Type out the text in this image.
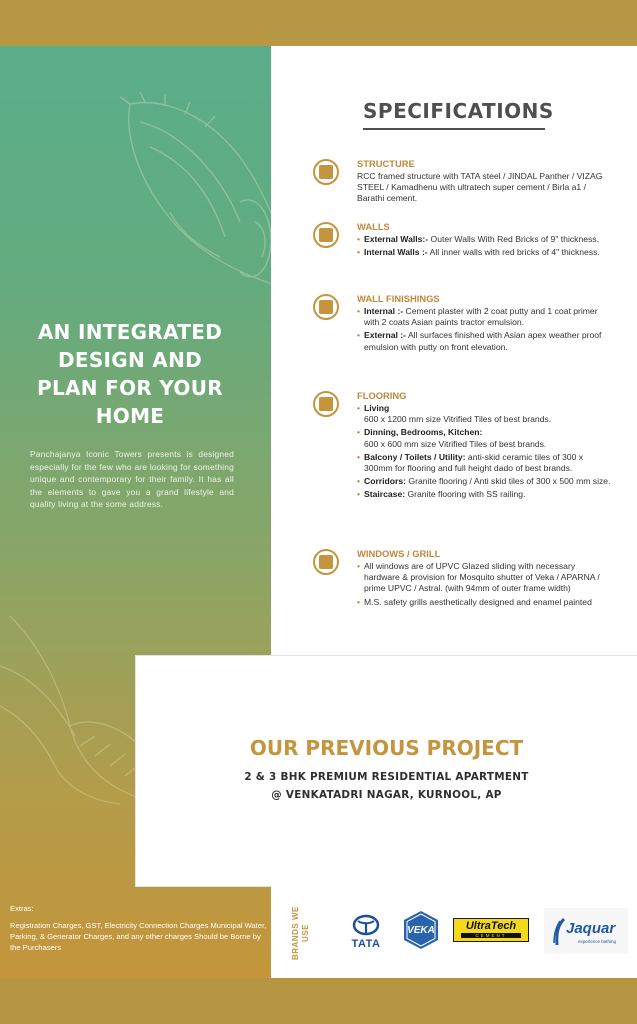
AN INTEGRATED
DESIGN AND
PLAN FOR YOUR
HOME

Panchajanya Iconic Towers presents is designed especially for the few who are looking for something unique and contemporary for their family. It has all the elements to gave you a grand lifestyle and quality living at the some address.

Extras:

Registration Charges, GST, Electricity Connection Charges Municipal Water, Parking, & Generator Charges, and any other charges Should be Borne by the Purchasers

SPECIFICATIONS

STRUCTURE

RCC framed structure with TATA steel / JINDAL Panther / VIZAG STEEL / Kamadhenu with ultratech super cement / Birla a1 / Barathi cement.

WALLS

• External Walls:- Outer Walls With Red Bricks of 9" thickness.

• Internal Walls :- All inner walls with red bricks of 4" thickness.

WALL FINISHINGS

• Internal :- Cement plaster with 2 coat putty and 1 coat primer with 2 coats Asian paints tractor emulsion.

• External :- All surfaces finished with Asian apex weather proof emulsion with putty on front elevation.

FLOORING

• Living
600 x 1200 mm size Vitrified Tiles of best brands.

• Dinning, Bedrooms, Kitchen:
600 x 600 mm size Vitrified Tiles of best brands.

• Balcony / Toilets / Utility: anti-skid ceramic tiles of 300 x 300mm for flooring and full height dado of best brands.

• Corridors: Granite flooring / Anti skid tiles of 300 x 500 mm size.

• Staircase: Granite flooring with SS railing.

WINDOWS / GRILL

• All windows are of UPVC Glazed sliding with necessary hardware & provision for Mosquito shutter of Veka / APARNA / prime UPVC / Astral. (with 94mm of outer frame width)

• M.S. safety grills aesthetically designed and enamel painted

OUR PREVIOUS PROJECT

2 & 3 BHK PREMIUM RESIDENTIAL APARTMENT

@ VENKATADRI NAGAR, KURNOOL, AP

BRANDS WE USE

TATA
VEKA	UltraTech
CEMENT	Jaquar
experience bathing
